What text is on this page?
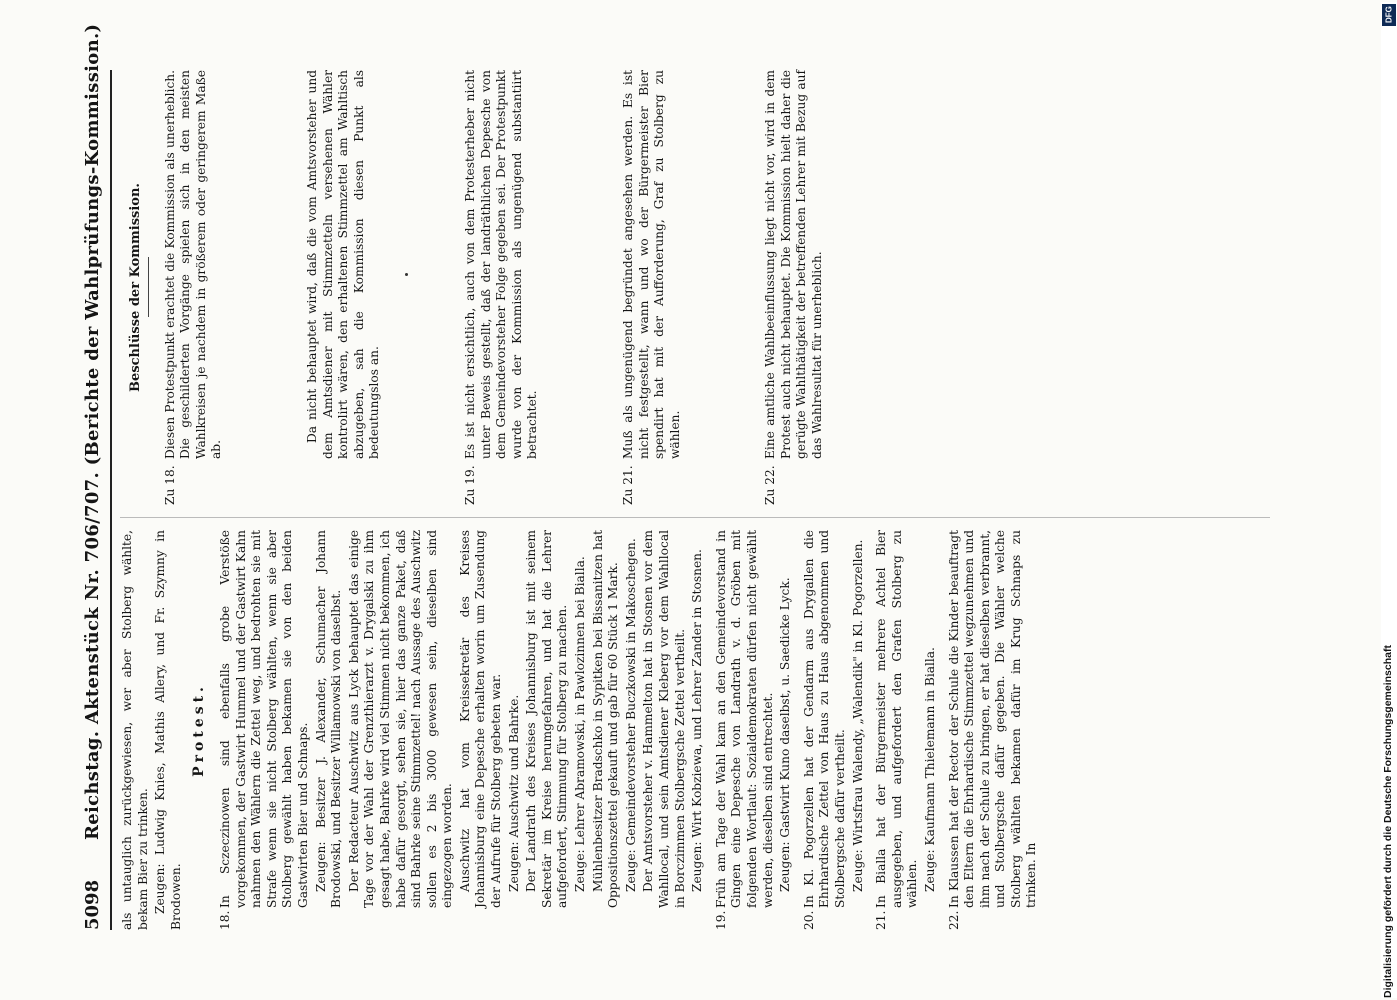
5098
Reichstag. Aktenstück Nr. 706/707. (Berichte der Wahlprüfungs-Kommission.) als untauglich zurückgewiesen, wer aber Stolberg wählte, bekam Bier zu trinken. Zeugen: Ludwig Knies, Mathis Allery, und Fr. Szymny in Brodowen.
Protest.
18.
In Sczeczinowen sind ebenfalls grobe Verstöße vorgekommen, der Gastwirt Hummel und der Gastwirt Kahn nahmen den Wählern die Zettel weg, und bedrohten sie mit Strafe wenn sie nicht Stolberg wählten, wenn sie aber Stolberg gewählt haben bekamen sie von den beiden Gastwirten Bier und Schnaps. Zeugen: Besitzer J. Alexander, Schumacher Johann Brodowski, und Besitzer Willamowski von daselbst. Der Redacteur Auschwitz aus Lyck behauptet das einige Tage vor der Wahl der Grenzthierarzt v. Drygalski zu ihm gesagt habe, Bahrke wird viel Stimmen nicht bekommen, ich habe dafür gesorgt, sehen sie, hier das ganze Paket, daß sind Bahrke seine Stimmzettel! nach Aussage des Auschwitz sollen es 2 bis 3000 gewesen sein, dieselben sind eingezogen worden. Auschwitz hat vom Kreissekretär des Kreises Johannisburg eine Depesche erhalten worin um Zusendung der Aufrufe für Stolberg gebeten war. Zeugen: Auschwitz und Bahrke. Der Landrath des Kreises Johannisburg ist mit seinem Sekretär im Kreise herumgefahren, und hat die Lehrer aufgefordert, Stimmung für Stolberg zu machen. Zeuge: Lehrer Abramowski, in Pawlozinnen bei Bialla. Mühlenbesitzer Bradschko in Sypitken bei Bissanitzen hat Oppositionszettel gekauft und gab für 60 Stück 1 Mark. Zeuge: Gemeindevorsteher Buczkowski in Makoschegen. Der Amtsvorsteher v. Hammelton hat in Stosnen vor dem Wahllocal, und sein Amtsdiener Kleberg vor dem Wahllocal in Borczimmen Stolbergsche Zettel vertheilt. Zeugen: Wirt Kobziewa, und Lehrer Zander in Stosnen.
19.
Früh am Tage der Wahl kam an den Gemeindevorstand in Gingen eine Depesche von Landrath v. d. Gröben mit folgenden Wortlaut: Sozialdemokraten dürfen nicht gewählt werden, dieselben sind entrechtet. Zeugen: Gastwirt Kuno daselbst, u. Saedicke Lyck.
20.
In Kl. Pogorzellen hat der Gendarm aus Drygallen die Ehrhardische Zettel von Haus zu Haus abgenommen und Stolbergsche dafür vertheilt. Zeuge: Wirtsfrau Walendy, „Walendik" in Kl. Pogorzellen.
21.
In Bialla hat der Bürgermeister mehrere Achtel Bier ausgegeben, und aufgefordert den Grafen Stolberg zu wählen. Zeuge: Kaufmann Thielemann in Bialla.
22.
In Klaussen hat der Rector der Schule die Kinder beauftragt den Eltern die Ehrhardische Stimmzettel wegzunehmen und ihm nach der Schule zu bringen, er hat dieselben verbrannt, und Stolbergsche dafür gegeben. Die Wähler welche Stolberg wählten bekamen dafür im Krug Schnaps zu trinken. In
Beschlüsse der Kommission.
Zu 18.
Diesen Protestpunkt erachtet die Kommission als unerheblich. Die geschilderten Vorgänge spielen sich in den meisten Wahlkreisen je nachdem in größerem oder geringerem Maße ab.
Da nicht behauptet wird, daß die vom Amtsvorsteher und dem Amtsdiener mit Stimmzetteln versehenen Wähler kontrolirt wären, den erhaltenen Stimmzettel am Wahltisch abzugeben, sah die Kommission diesen Punkt als bedeutungslos an.
Zu 19.
Es ist nicht ersichtlich, auch von dem Protesterheber nicht unter Beweis gestellt, daß der landräthlichen Depesche von dem Gemeindevorsteher Folge gegeben sei. Der Protestpunkt wurde von der Kommission als ungenügend substantiirt betrachtet.
Zu 21.
Muß als ungenügend begründet angesehen werden. Es ist nicht festgestellt, wann und wo der Bürgermeister Bier spendirt hat mit der Aufforderung, Graf zu Stolberg zu wählen.
Zu 22.
Eine amtliche Wahlbeeinflussung liegt nicht vor, wird in dem Protest auch nicht behauptet. Die Kommission hielt daher die gerügte Wahlthätigkeit der betreffenden Lehrer mit Bezug auf das Wahlresultat für unerheblich.
DFG
Digitalisierung gefördert durch die Deutsche Forschungsgemeinschaft
